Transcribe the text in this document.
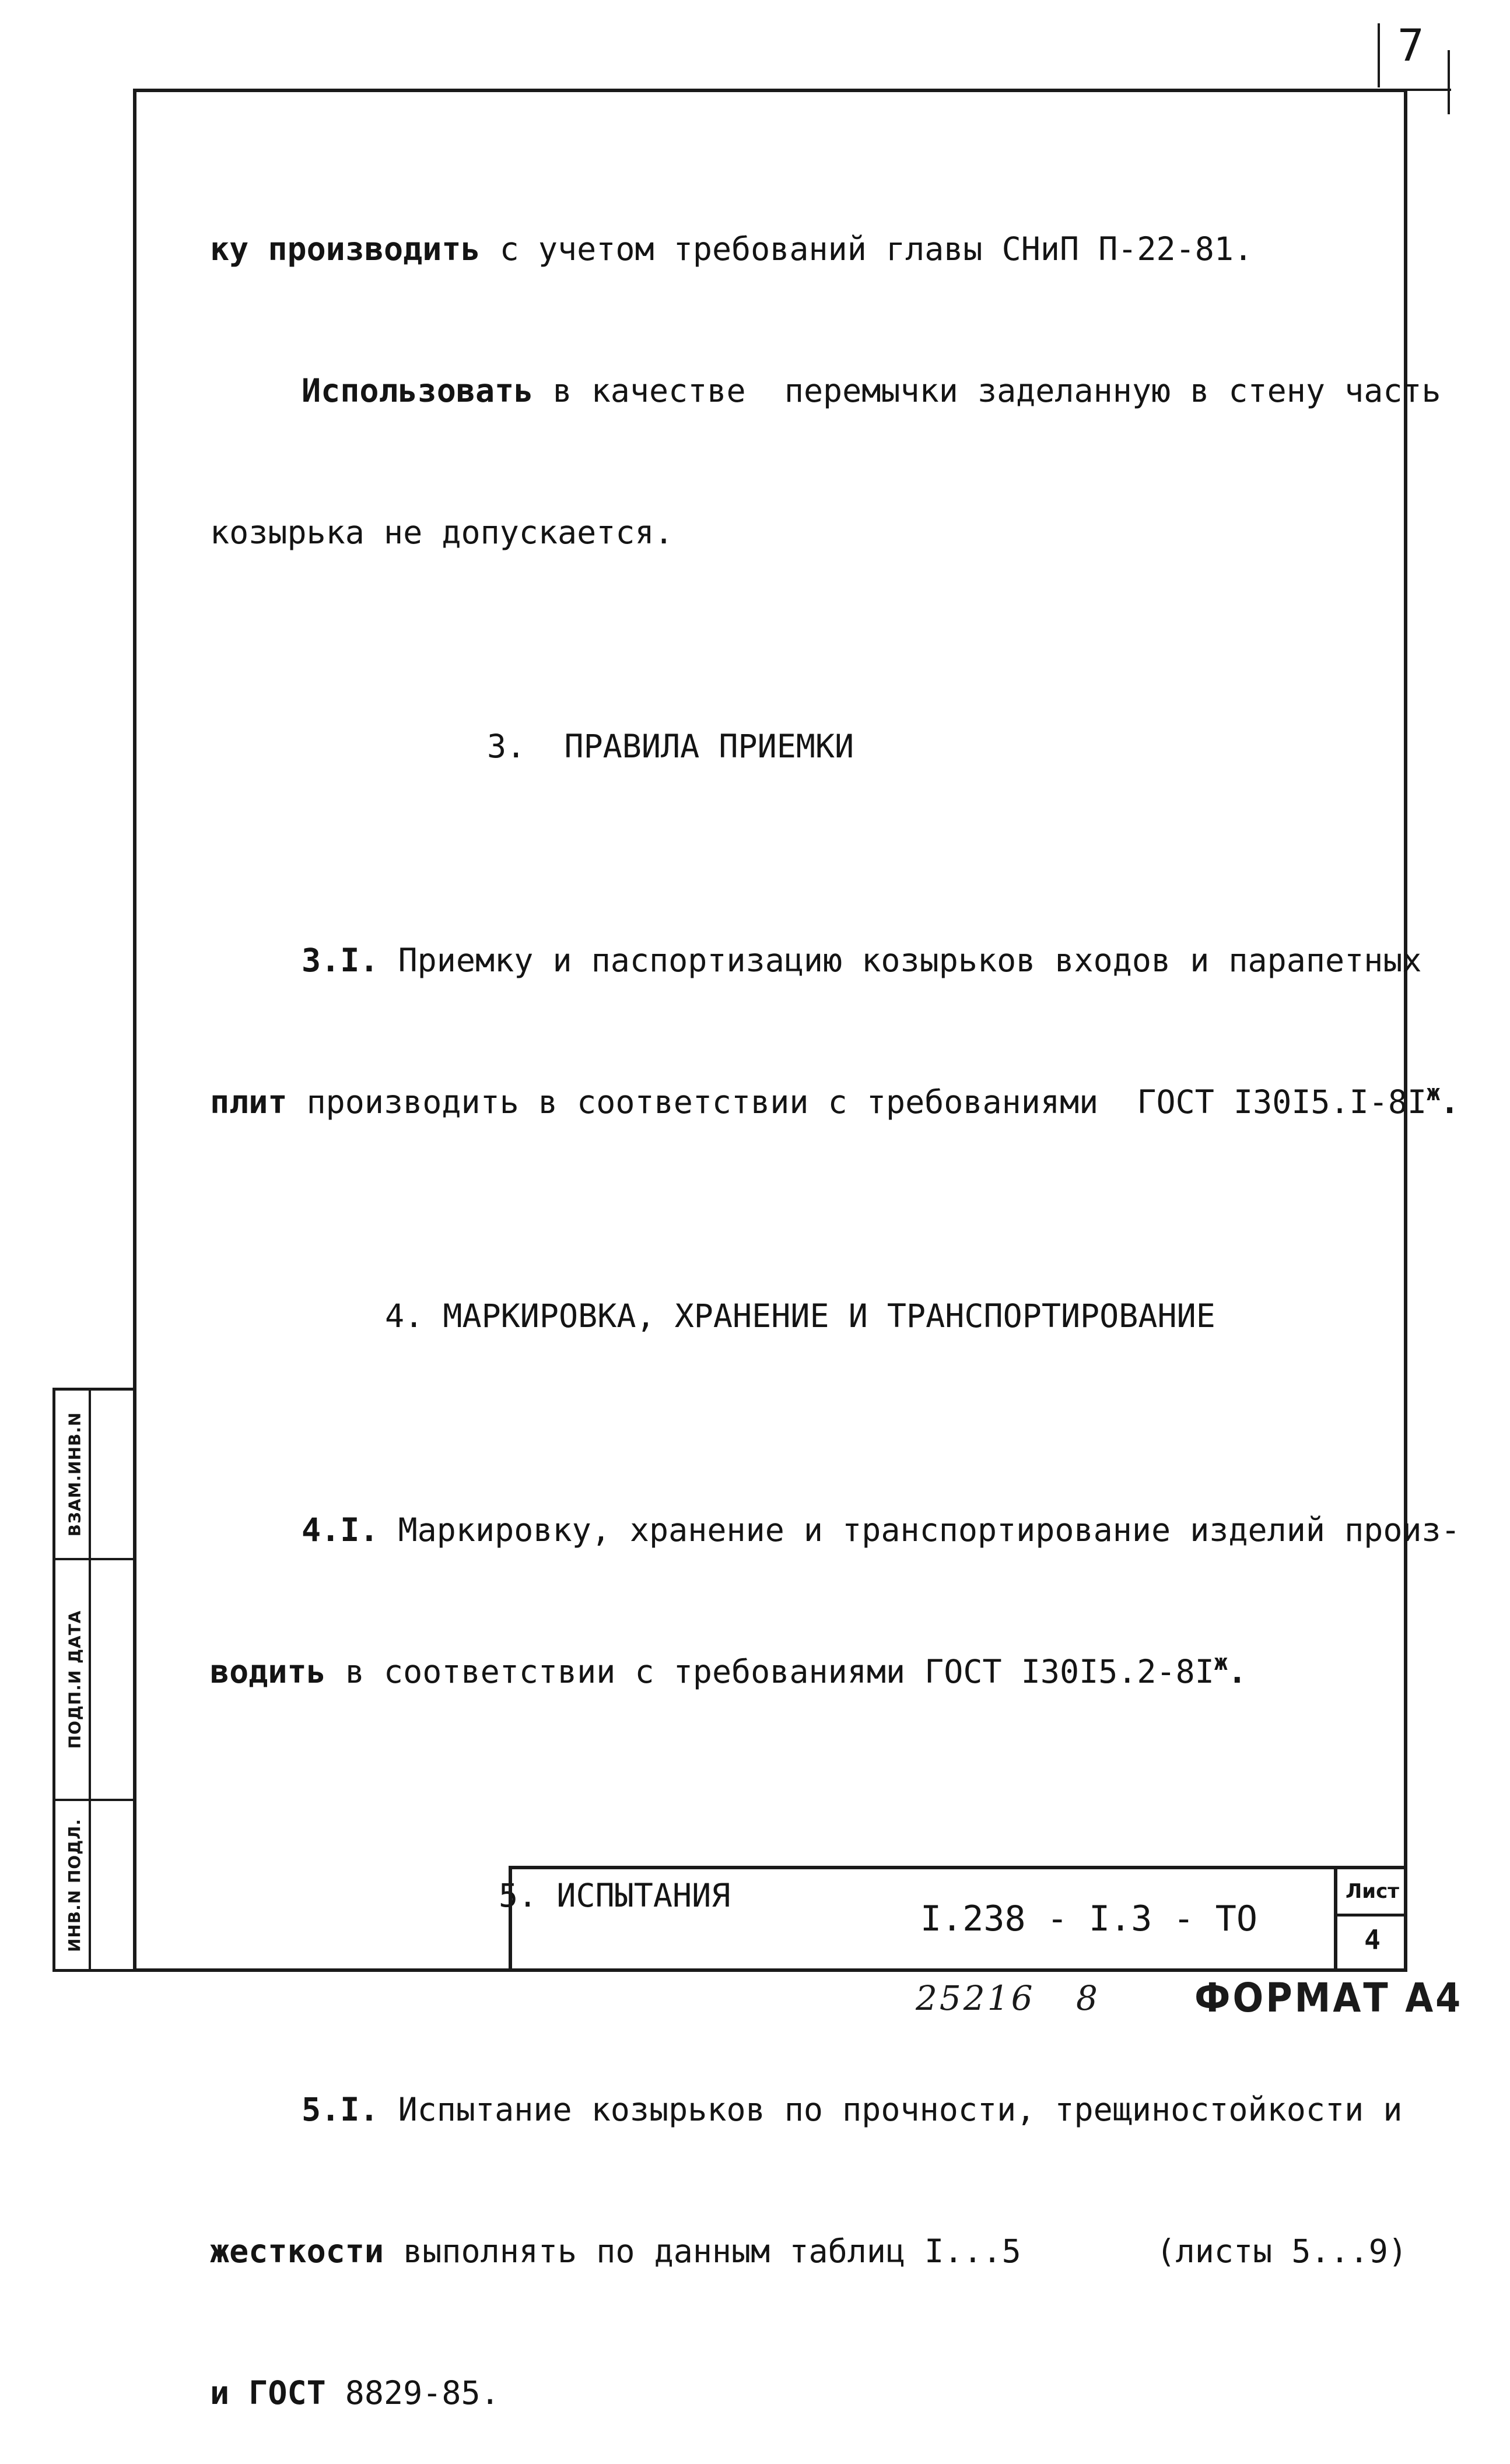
7

ку производить с учетом требований главы СНиП П-22-81.

Использовать в качестве  перемычки заделанную в стену часть

козырька не допускается.

3.  ПРАВИЛА ПРИЕМКИ

3.I. Приемку и паспортизацию козырьков входов и парапетных

плит производить в соответствии с требованиями  ГОСТ $I30I5.I-8I^ж$.

4. МАРКИРОВКА, ХРАНЕНИЕ И ТРАНСПОРТИРОВАНИЕ

4.I. Маркировку, хранение и транспортирование изделий произ-

водить в соответствии с требованиями ГОСТ $I30I5.2-8I^ж$.

5. ИСПЫТАНИЯ

5.I. Испытание козырьков по прочности, трещиностойкости и

жесткости выполнять по данным таблиц I...5       (листы 5...9)

и ГОСТ 8829-85.

ВЗАМ.ИНВ.N
ПОДП.И ДАТА
ИНВ.N ПОДЛ.	I.238 - I.3 - ТО
Лист
4
25216 8	ФОРМАТ А4
